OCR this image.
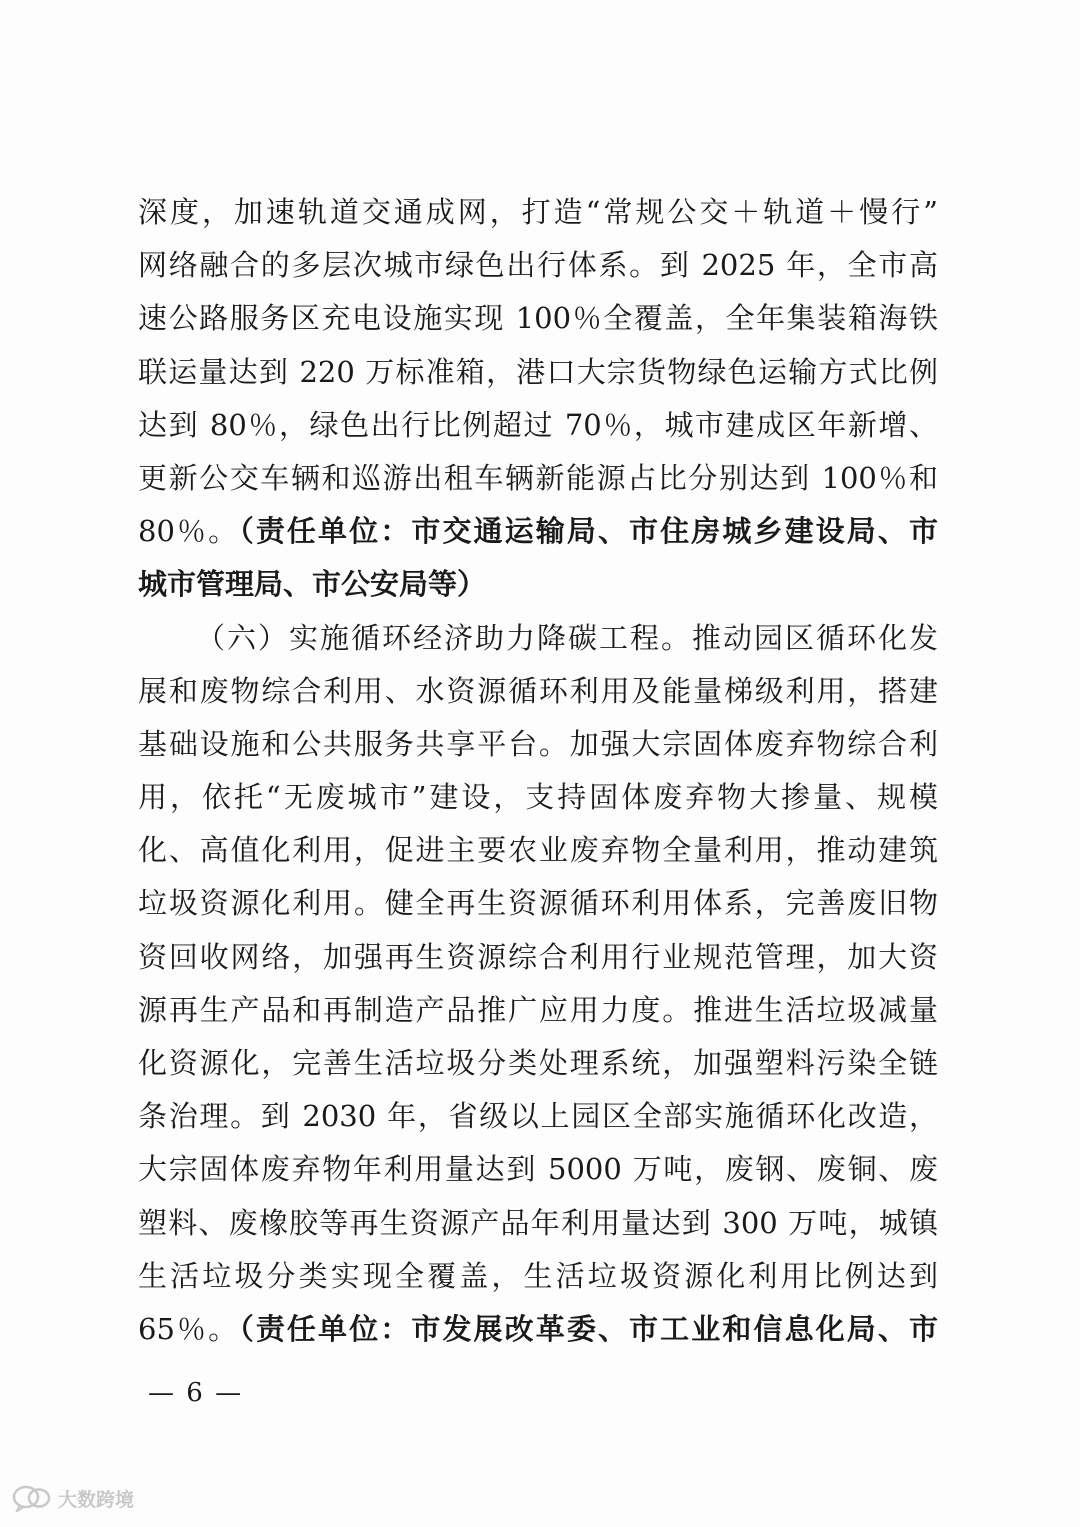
深度，加速轨道交通成网，打造“常规公交＋轨道＋慢行”
网络融合的多层次城市绿色出行体系。到 2025 年，全市高
速公路服务区充电设施实现 100％全覆盖，全年集装箱海铁
联运量达到 220 万标准箱，港口大宗货物绿色运输方式比例
达到 80％，绿色出行比例超过 70％，城市建成区年新增、
更新公交车辆和巡游出租车辆新能源占比分别达到 100％和
80％。（责任单位：市交通运输局、市住房城乡建设局、市
城市管理局、市公安局等）
（六）实施循环经济助力降碳工程。推动园区循环化发
展和废物综合利用、水资源循环利用及能量梯级利用，搭建
基础设施和公共服务共享平台。加强大宗固体废弃物综合利
用，依托“无废城市”建设，支持固体废弃物大掺量、规模
化、高值化利用，促进主要农业废弃物全量利用，推动建筑
垃圾资源化利用。健全再生资源循环利用体系，完善废旧物
资回收网络，加强再生资源综合利用行业规范管理，加大资
源再生产品和再制造产品推广应用力度。推进生活垃圾减量
化资源化，完善生活垃圾分类处理系统，加强塑料污染全链
条治理。到 2030 年，省级以上园区全部实施循环化改造，
大宗固体废弃物年利用量达到 5000 万吨，废钢、废铜、废
塑料、废橡胶等再生资源产品年利用量达到 300 万吨，城镇
生活垃圾分类实现全覆盖，生活垃圾资源化利用比例达到
65％。（责任单位：市发展改革委、市工业和信息化局、市
— 6 —
大数跨境
